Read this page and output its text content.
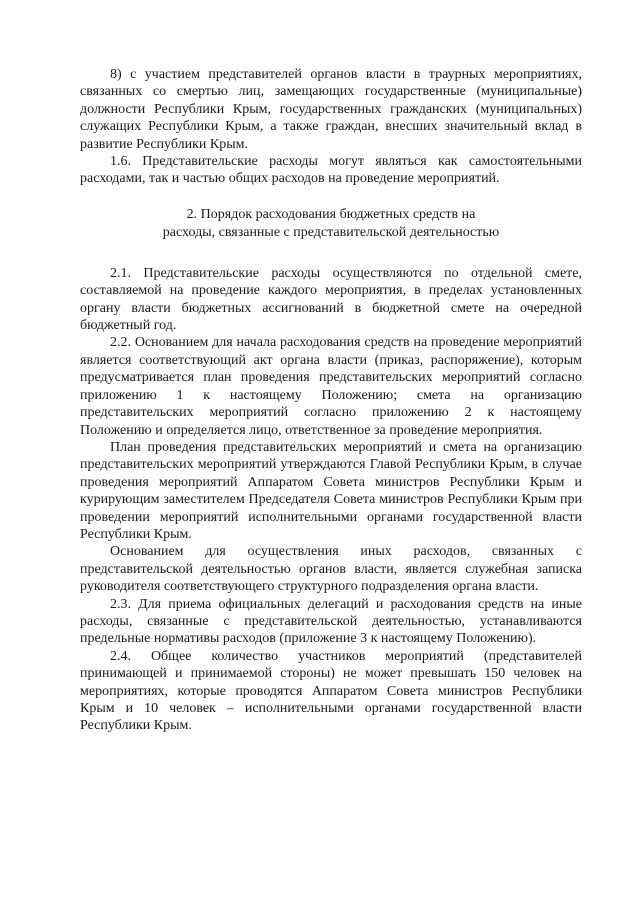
8) с участием представителей органов власти в траурных мероприятиях, связанных со смертью лиц, замещающих государственные (муниципальные) должности Республики Крым, государственных гражданских (муниципальных) служащих Республики Крым, а также граждан, внесших значительный вклад в развитие Республики Крым.

1.6. Представительские расходы могут являться как самостоятельными расходами, так и частью общих расходов на проведение мероприятий.

2. Порядок расходования бюджетных средств на
расходы, связанные с представительской деятельностью

2.1. Представительские расходы осуществляются по отдельной смете, составляемой на проведение каждого мероприятия, в пределах установленных органу власти бюджетных ассигнований в бюджетной смете на очередной бюджетный год.

2.2. Основанием для начала расходования средств на проведение мероприятий является соответствующий акт органа власти (приказ, распоряжение), которым предусматривается план проведения представительских мероприятий согласно приложению 1 к настоящему Положению; смета на организацию представительских мероприятий согласно приложению 2 к настоящему Положению и определяется лицо, ответственное за проведение мероприятия.

План проведения представительских мероприятий и смета на организацию представительских мероприятий утверждаются Главой Республики Крым, в случае проведения мероприятий Аппаратом Совета министров Республики Крым и курирующим заместителем Председателя Совета министров Республики Крым при проведении мероприятий исполнительными органами государственной власти Республики Крым.

Основанием для осуществления иных расходов, связанных с представительской деятельностью органов власти, является служебная записка руководителя соответствующего структурного подразделения органа власти.

2.3. Для приема официальных делегаций и расходования средств на иные расходы, связанные с представительской деятельностью, устанавливаются предельные нормативы расходов (приложение 3 к настоящему Положению).

2.4. Общее количество участников мероприятий (представителей принимающей и принимаемой стороны) не может превышать 150 человек на мероприятиях, которые проводятся Аппаратом Совета министров Республики Крым и 10 человек – исполнительными органами государственной власти Республики Крым.
